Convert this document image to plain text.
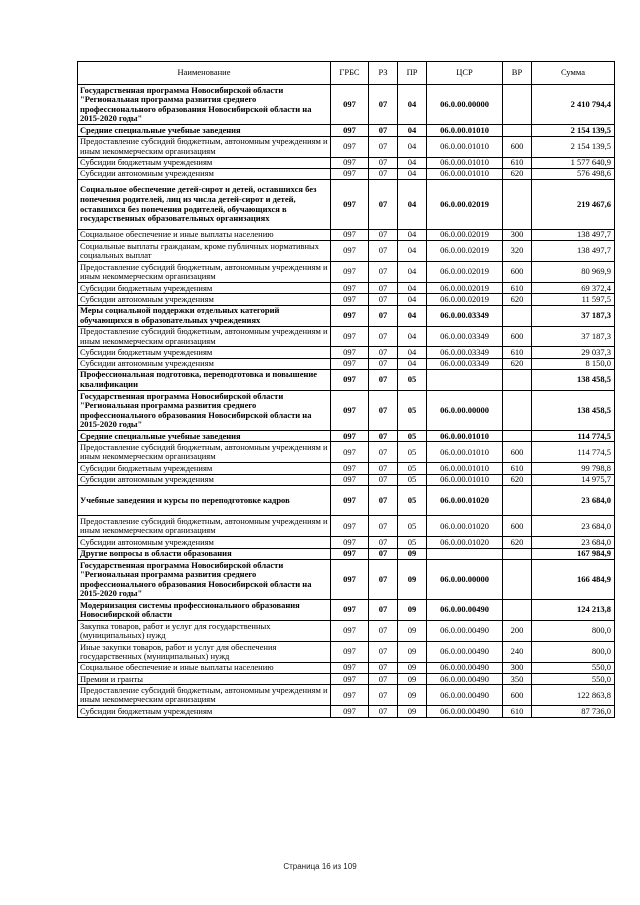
Наименование	ГРБС	РЗ	ПР	ЦСР	ВР	Сумма
Государственная программа Новосибирской области "Региональная программа развития среднего профессионального образования Новосибирской области на 2015-2020 годы"	097	07	04	06.0.00.00000		2 410 794,4
Средние специальные учебные заведения	097	07	04	06.0.00.01010		2 154 139,5
Предоставление субсидий бюджетным, автономным учреждениям и иным некоммерческим организациям	097	07	04	06.0.00.01010	600	2 154 139,5
Субсидии бюджетным учреждениям	097	07	04	06.0.00.01010	610	1 577 640,9
Субсидии автономным учреждениям	097	07	04	06.0.00.01010	620	576 498,6
Социальное обеспечение детей-сирот и детей, оставшихся без попечения родителей, лиц из числа детей-сирот и детей, оставшихся без попечения родителей, обучающихся в государственных образовательных организациях	097	07	04	06.0.00.02019		219 467,6
Социальное обеспечение и иные выплаты населению	097	07	04	06.0.00.02019	300	138 497,7
Социальные выплаты гражданам, кроме публичных нормативных социальных выплат	097	07	04	06.0.00.02019	320	138 497,7
Предоставление субсидий бюджетным, автономным учреждениям и иным некоммерческим организациям	097	07	04	06.0.00.02019	600	80 969,9
Субсидии бюджетным учреждениям	097	07	04	06.0.00.02019	610	69 372,4
Субсидии автономным учреждениям	097	07	04	06.0.00.02019	620	11 597,5
Меры социальной поддержки отдельных категорий обучающихся в образовательных учреждениях	097	07	04	06.0.00.03349		37 187,3
Предоставление субсидий бюджетным, автономным учреждениям и иным некоммерческим организациям	097	07	04	06.0.00.03349	600	37 187,3
Субсидии бюджетным учреждениям	097	07	04	06.0.00.03349	610	29 037,3
Субсидии автономным учреждениям	097	07	04	06.0.00.03349	620	8 150,0
Профессиональная подготовка, переподготовка и повышение квалификации	097	07	05			138 458,5
Государственная программа Новосибирской области "Региональная программа развития среднего профессионального образования Новосибирской области на 2015-2020 годы"	097	07	05	06.0.00.00000		138 458,5
Средние специальные учебные заведения	097	07	05	06.0.00.01010		114 774,5
Предоставление субсидий бюджетным, автономным учреждениям и иным некоммерческим организациям	097	07	05	06.0.00.01010	600	114 774,5
Субсидии бюджетным учреждениям	097	07	05	06.0.00.01010	610	99 798,8
Субсидии автономным учреждениям	097	07	05	06.0.00.01010	620	14 975,7
Учебные заведения и курсы по переподготовке кадров	097	07	05	06.0.00.01020		23 684,0
Предоставление субсидий бюджетным, автономным учреждениям и иным некоммерческим организациям	097	07	05	06.0.00.01020	600	23 684,0
Субсидии автономным учреждениям	097	07	05	06.0.00.01020	620	23 684,0
Другие вопросы в области образования	097	07	09			167 984,9
Государственная программа Новосибирской области "Региональная программа развития среднего профессионального образования Новосибирской области на 2015-2020 годы"	097	07	09	06.0.00.00000		166 484,9
Модернизация системы профессионального образования Новосибирской области	097	07	09	06.0.00.00490		124 213,8
Закупка товаров, работ и услуг для государственных (муниципальных) нужд	097	07	09	06.0.00.00490	200	800,0
Иные закупки товаров, работ и услуг для обеспечения государственных (муниципальных) нужд	097	07	09	06.0.00.00490	240	800,0
Социальное обеспечение и иные выплаты населению	097	07	09	06.0.00.00490	300	550,0
Премии и гранты	097	07	09	06.0.00.00490	350	550,0
Предоставление субсидий бюджетным, автономным учреждениям и иным некоммерческим организациям	097	07	09	06.0.00.00490	600	122 863,8
Субсидии бюджетным учреждениям	097	07	09	06.0.00.00490	610	87 736,0
Страница 16 из 109
